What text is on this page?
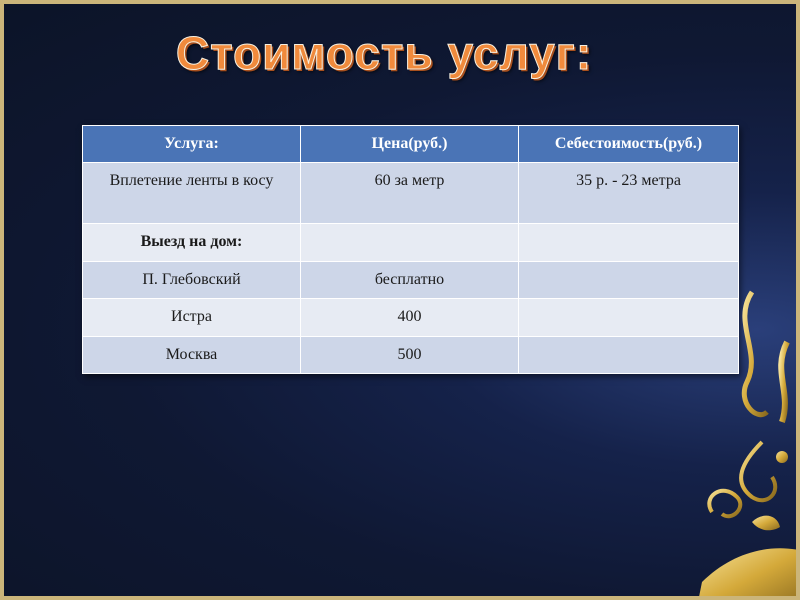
Стоимость услуг:
Услуга:	Цена(руб.)	Себестоимость(руб.)
Вплетение ленты в косу	60 за метр	35 р. - 23 метра
Выезд на дом:		
П. Глебовский	бесплатно	
Истра	400	
Москва	500	
